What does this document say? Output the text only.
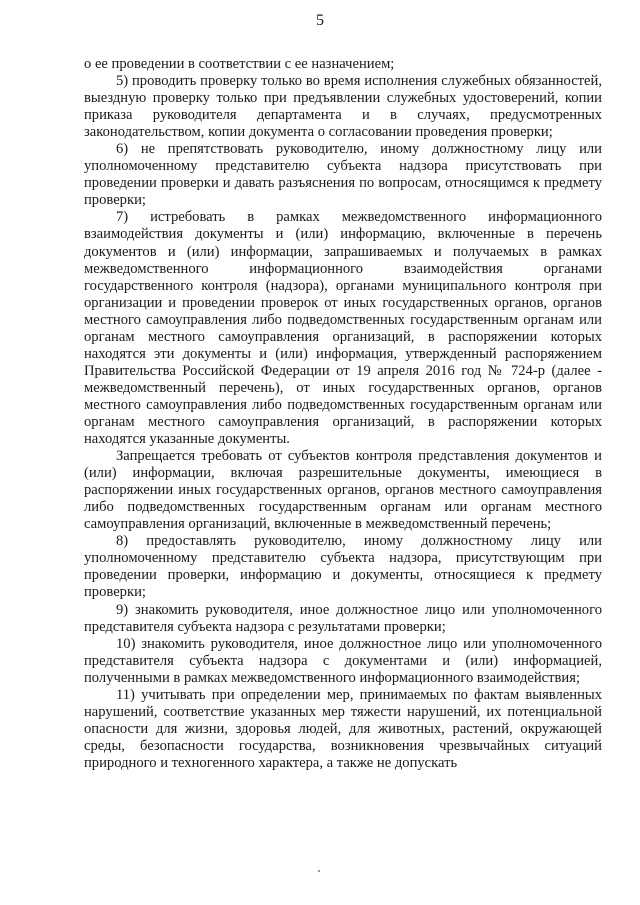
5

о ее проведении в соответствии с ее назначением;

5) проводить проверку только во время исполнения служебных обязанностей, выездную проверку только при предъявлении служебных удостоверений, копии приказа руководителя департамента и в случаях, предусмотренных законодательством, копии документа о согласовании проведения проверки;

6) не препятствовать руководителю, иному должностному лицу или уполномоченному представителю субъекта надзора присутствовать при проведении проверки и давать разъяснения по вопросам, относящимся к предмету проверки;

7) истребовать в рамках межведомственного информационного взаимодействия документы и (или) информацию, включенные в перечень документов и (или) информации, запрашиваемых и получаемых в рамках межведомственного информационного взаимодействия органами государственного контроля (надзора), органами муниципального контроля при организации и проведении проверок от иных государственных органов, органов местного самоуправления либо подведомственных государственным органам или органам местного самоуправления организаций, в распоряжении которых находятся эти документы и (или) информация, утвержденный распоряжением Правительства Российской Федерации от 19 апреля 2016 год № 724-р (далее - межведомственный перечень), от иных государственных органов, органов местного самоуправления либо подведомственных государственным органам или органам местного самоуправления организаций, в распоряжении которых находятся указанные документы.

Запрещается требовать от субъектов контроля представления документов и (или) информации, включая разрешительные документы, имеющиеся в распоряжении иных государственных органов, органов местного самоуправления либо подведомственных государственным органам или органам местного самоуправления организаций, включенные в межведомственный перечень;

8) предоставлять руководителю, иному должностному лицу или уполномоченному представителю субъекта надзора, присутствующим при проведении проверки, информацию и документы, относящиеся к предмету проверки;

9) знакомить руководителя, иное должностное лицо или уполномоченного представителя субъекта надзора с результатами проверки;

10) знакомить руководителя, иное должностное лицо или уполномоченного представителя субъекта надзора с документами и (или) информацией, полученными в рамках межведомственного информационного взаимодействия;

11) учитывать при определении мер, принимаемых по фактам выявленных нарушений, соответствие указанных мер тяжести нарушений, их потенциальной опасности для жизни, здоровья людей, для животных, растений, окружающей среды, безопасности государства, возникновения чрезвычайных ситуаций природного и техногенного характера, а также не допускать
